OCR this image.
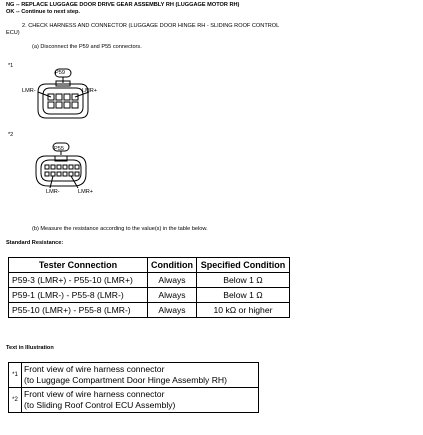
NG -- REPLACE LUGGAGE DOOR DRIVE GEAR ASSEMBLY RH (LUGGAGE MOTOR RH)
OK -- Continue to next step.
2. CHECK HARNESS AND CONNECTOR (LUGGAGE DOOR HINGE RH - SLIDING ROOF CONTROL
ECU)
(a) Disconnect the P59 and P55 connectors.
*1
P59
LMR-	LMR+
*2
P55
LMR-	LMR+
(b) Measure the resistance according to the value(s) in the table below.
Standard Resistance:
Tester Connection	Condition	Specified Condition
P59-3 (LMR+) - P55-10 (LMR+)	Always	Below 1 Ω
P59-1 (LMR-) - P55-8 (LMR-)	Always	Below 1 Ω
P55-10 (LMR+) - P55-8 (LMR-)	Always	10 kΩ or higher
Text in Illustration
*1	Front view of wire harness connector
(to Luggage Compartment Door Hinge Assembly RH)

*2	Front view of wire harness connector
(to Sliding Roof Control ECU Assembly)
